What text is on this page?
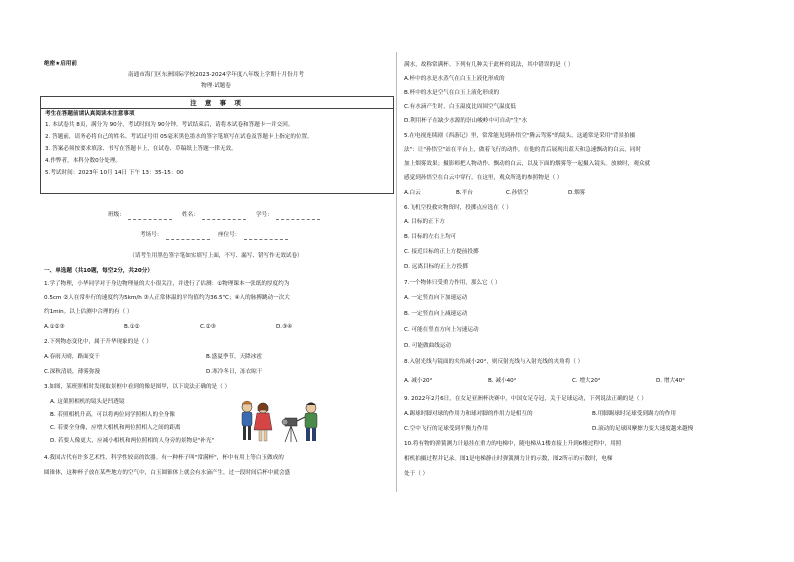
绝密★启用前
南通市海门区东洲国际学校2023-2024学年度八年级上学期十月份月考
物理·试题卷
注 意 事 项
考生在答题前请认真阅读本注意事项
1. 本试卷共 8页，满分为 90分，考试时间为 90分钟。考试结束后，请将本试卷和答题卡一并交回。
2. 答题前，请务必将自己的姓名、考试证号用 05毫米黑色墨水的签字笔填写在试卷及答题卡上指定的位置。
3. 答案必须按要求填涂、书写在答题卡上，在试卷、草稿纸上答题一律无效。
4.作弊者，本科分数0分处理。
5.考试时间：2023年 10月 14日 下午 13：35-15：00
班级：	姓名：	学号：
考场号：	座位号：
（请考生用黑色签字笔如实填写上面，不写、漏写、错写作无效试卷）
一、单选题（共10题，每空2分，共20分）
1.学了物理，小华同学对于身边物理量的大小很关注，并进行了估测：①物理课本一张纸的厚度约为
0.5cm ②人在常步行的速度约为5km/h ③人正常体温的平均值约为36.5℃；④人的脉搏跳动一次大
约1min。以上估测中合理的有（ ）
A.①②③	B.①②	C.②③	D.③④
2.下列物态变化中，属于升华现象的是（ ）
A.春雨天晴，路面变干	B.盛夏季节，天降冰雹
C.深秋清晨，薄雾弥漫	D.寒冷冬日，冻衣晾干
3.如图，某班照相时发现取景框中看到的像是图甲，以下说法正确的是（ ）
A. 这架照相机的镜头是凹透镜
B. 若照相机升高，可以将两位同学照相人的全身像
C. 若要全身像，应增大相机和两位照相人之间的距离
D. 若要人像更大，应减小相机和两位照相的人身旁的景物是"补光"
4.我国古代有许多艺术性、科学性较高的饮器。有一种杯子叫"常满杯"，杯中有用上等白玉做成的
圆锥体，这种杯子放在某些地方的空气中，白玉圆锥体上就会有水滴产生，过一段时间后杯中就会盛
满水，故称常满杯。下列有几种关于此杯的说法，其中错误的是（ ）
A.杯中的水是水蒸气在白玉上液化形成的
B.杯中的水是空气在白玉上液化形成的
C.有水滴产生时，白玉温度比周围空气温度低
D.利用杯子在缺少水源的崇山峻岭中可自动"生"水
5.在电视连续剧《西游记》里，常常能见到孙悟空"腾云驾雾"的镜头，这通常是采用"背景拍摄
法"：让"孙悟空"站在平台上，做着飞行的动作，在他的背后展现出蓝天和急速飘动的白云，同时
加上烟雾效果；摄影师把人物动作、飘动的白云，以及下面的烟雾等一起摄入镜头。放映时，观众就
感觉到孙悟空在白云中穿行，在这里，观众所选的参照物是（ ）
A.白云	B.平台	C.孙悟空	D.烟雾
6.飞机空投救灾物资时，投掷点应选在（ ）
A. 目标的正下方
B. 目标的左右上均可
C. 接近目标的正上方提前投掷
D. 远离目标的正上方投掷
7.一个物体只受重力作用，那么它（ ）
A. 一定竖直向下加速运动
B. 一定竖直向上减速运动
C. 可能在竖直方向上匀速运动
D. 可能做曲线运动
8.入射光线与镜面的夹角减小20°，则反射光线与入射光线的夹角将（ ）
A. 减小20°	B. 减小40°	C. 增大20°	D. 增大40°
9. 2022年2月6日，在女足亚洲杯决赛中，中国女足夺冠，关于足球运动，下列说法正确的是（ ）
A.踢球时脚对球的作用力和球对脚的作用力是相互的	B.用脚踢球时足球受到踢力的作用
C.空中飞行的足球受到平衡力作用	D.滚动的足球因摩擦力变大速度越来越慢
10.将有物的弹簧测力计悬挂在重力的电梯中，随电梯从1楼直接上升到6楼过程中，用照
相机拍摄过程并记录。图1是电梯静止时弹簧测力计的示数，图2所示的示数时，电梯
处于（ ）
